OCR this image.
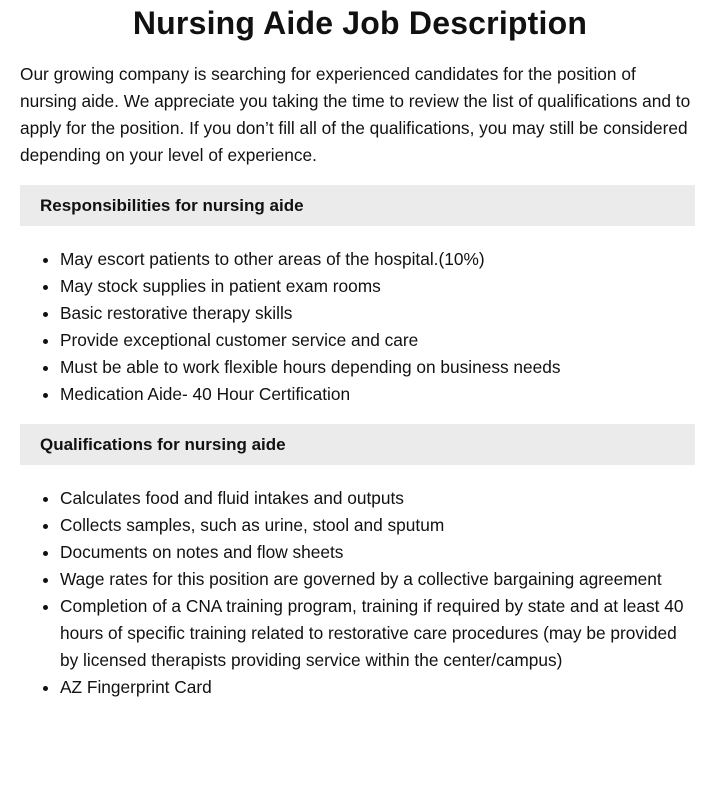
Nursing Aide Job Description

Our growing company is searching for experienced candidates for the position of nursing aide. We appreciate you taking the time to review the list of qualifications and to apply for the position. If you don’t fill all of the qualifications, you may still be considered depending on your level of experience.

Responsibilities for nursing aide
• May escort patients to other areas of the hospital.(10%)
• May stock supplies in patient exam rooms
• Basic restorative therapy skills
• Provide exceptional customer service and care
• Must be able to work flexible hours depending on business needs
• Medication Aide- 40 Hour Certification
Qualifications for nursing aide
• Calculates food and fluid intakes and outputs
• Collects samples, such as urine, stool and sputum
• Documents on notes and flow sheets
• Wage rates for this position are governed by a collective bargaining agreement
• Completion of a CNA training program, training if required by state and at least 40 hours of specific training related to restorative care procedures (may be provided by licensed therapists providing service within the center/campus)
• AZ Fingerprint Card
